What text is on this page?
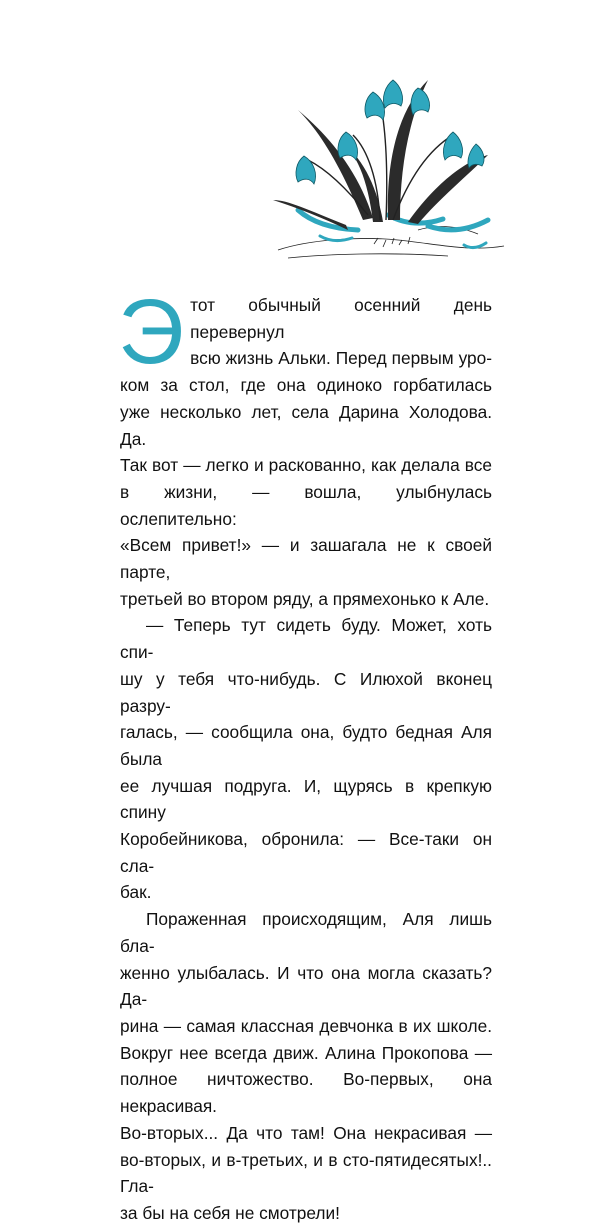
Э тот обычный осенний день перевернул
всю жизнь Альки. Перед первым уро-
ком за стол, где она одиноко горбатилась

уже несколько лет, села Дарина Холодова. Да.

Так вот — легко и раскованно, как делала все

в жизни, — вошла, улыбнулась ослепительно:

«Всем привет!» — и зашагала не к своей парте,

третьей во втором ряду, а прямехонько к Але.

— Теперь тут сидеть буду. Может, хоть спи-

шу у тебя что-нибудь. С Илюхой вконец разру-

галась, — сообщила она, будто бедная Аля была

ее лучшая подруга. И, щурясь в крепкую спину

Коробейникова, обронила: — Все-таки он сла-

бак.

Пораженная происходящим, Аля лишь бла-

женно улыбалась. И что она могла сказать? Да-

рина — самая классная девчонка в их школе.

Вокруг нее всегда движ. Алина Прокопова —

полное ничтожество. Во-первых, она некрасивая.

Во-вторых... Да что там! Она некрасивая —

во-вторых, и в-третьих, и в сто-пятидесятых!.. Гла-

за бы на себя не смотрели!
